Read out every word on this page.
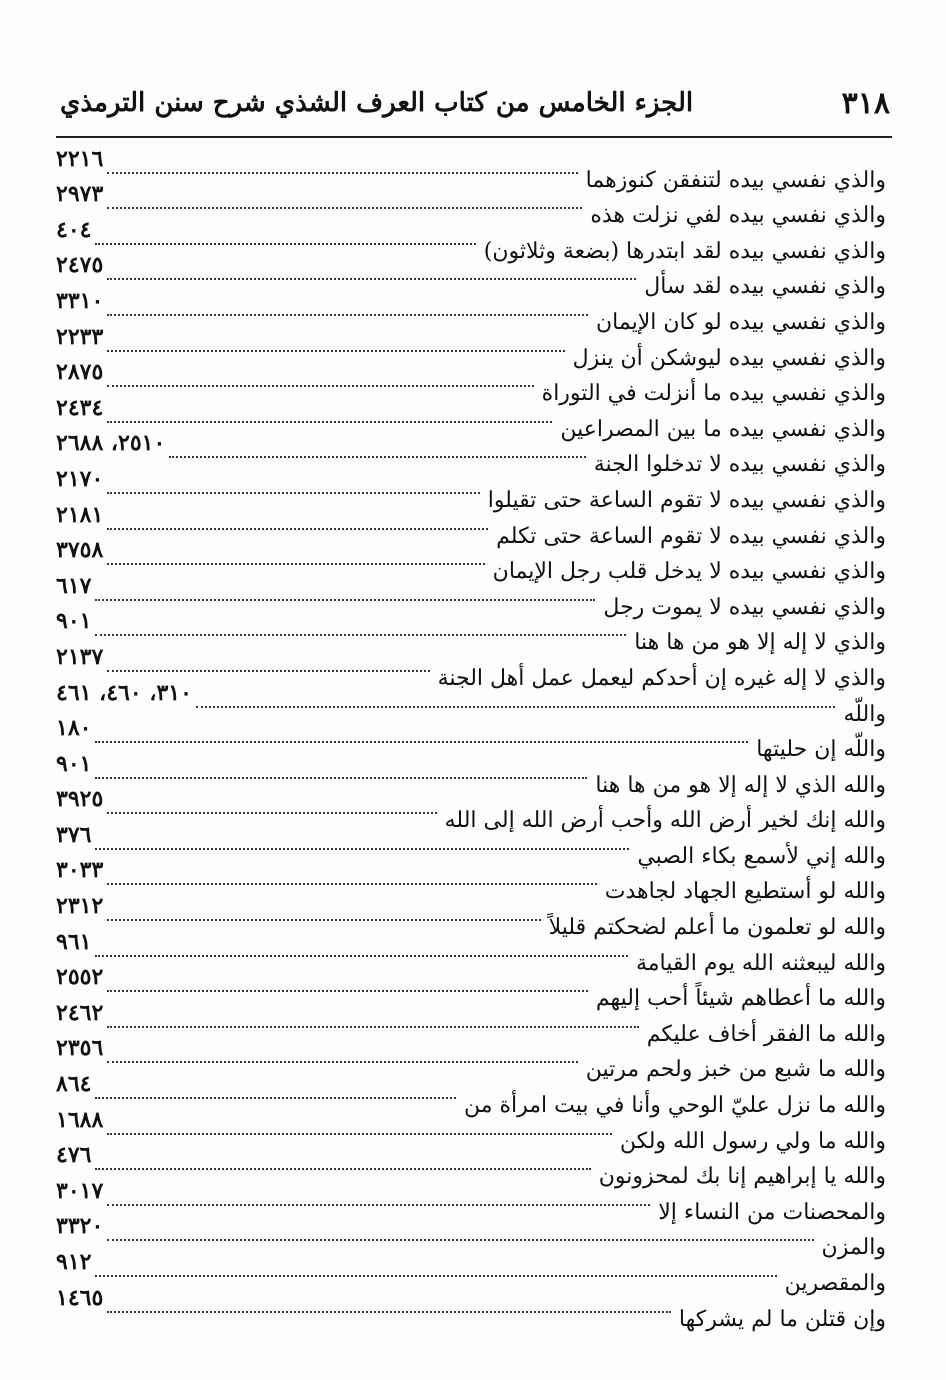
٣١٨
الجزء الخامس من كتاب العرف الشذي شرح سنن الترمذي
والذي نفسي بيده لتنفقن كنوزهما
٢٢١٦
والذي نفسي بيده لفي نزلت هذه
٢٩٧٣
والذي نفسي بيده لقد ابتدرها (بضعة وثلاثون)
٤٠٤
والذي نفسي بيده لقد سأل
٢٤٧٥
والذي نفسي بيده لو كان الإيمان
٣٣١٠
والذي نفسي بيده ليوشكن أن ينزل
٢٢٣٣
والذي نفسي بيده ما أنزلت في التوراة
٢٨٧٥
والذي نفسي بيده ما بين المصراعين
٢٤٣٤
والذي نفسي بيده لا تدخلوا الجنة
٢٥١٠، ٢٦٨٨
والذي نفسي بيده لا تقوم الساعة حتى تقيلوا
٢١٧٠
والذي نفسي بيده لا تقوم الساعة حتى تكلم
٢١٨١
والذي نفسي بيده لا يدخل قلب رجل الإيمان
٣٧٥٨
والذي نفسي بيده لا يموت رجل
٦١٧
والذي لا إله إلا هو من ها هنا
٩٠١
والذي لا إله غيره إن أحدكم ليعمل عمل أهل الجنة
٢١٣٧
واللّه
٣١٠، ٤٦٠، ٤٦١
واللّه إن حليتها
١٨٠
والله الذي لا إله إلا هو من ها هنا
٩٠١
والله إنك لخير أرض الله وأحب أرض الله إلى الله
٣٩٢٥
والله إني لأسمع بكاء الصبي
٣٧٦
والله لو أستطيع الجهاد لجاهدت
٣٠٣٣
والله لو تعلمون ما أعلم لضحكتم قليلاً
٢٣١٢
والله ليبعثنه الله يوم القيامة
٩٦١
والله ما أعطاهم شيئاً أحب إليهم
٢٥٥٢
والله ما الفقر أخاف عليكم
٢٤٦٢
والله ما شبع من خبز ولحم مرتين
٢٣٥٦
والله ما نزل عليّ الوحي وأنا في بيت امرأة من
٨٦٤
والله ما ولي رسول الله ولكن
١٦٨٨
والله يا إبراهيم إنا بك لمحزونون
٤٧٦
والمحصنات من النساء إلا
٣٠١٧
والمزن
٣٣٢٠
والمقصرين
٩١٢
وإن قتلن ما لم يشركها
١٤٦٥
